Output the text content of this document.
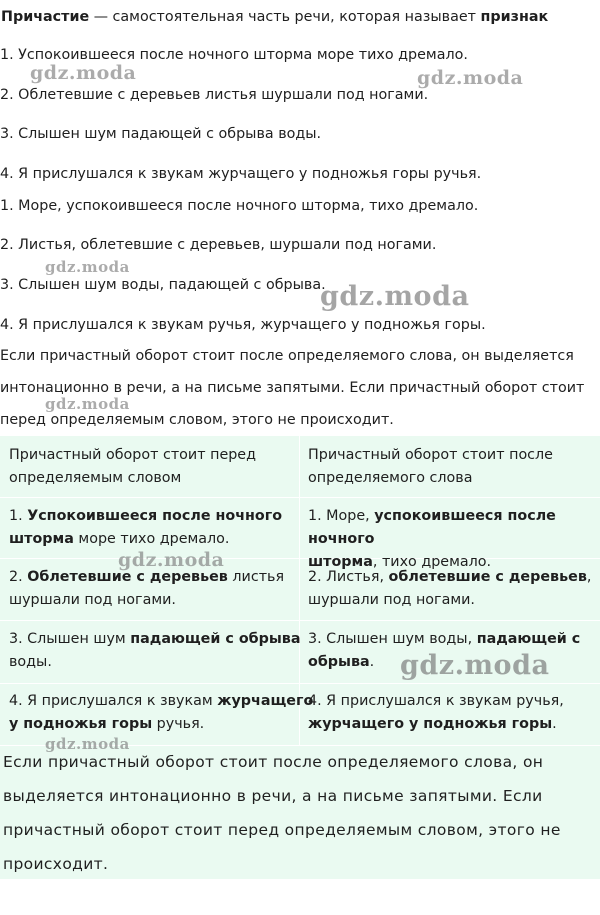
Причастие — самостоятельная часть речи, которая называет признак
1. Успокоившееся после ночного шторма море тихо дремало.
2. Облетевшие с деревьев листья шуршали под ногами.
3. Слышен шум падающей с обрыва воды.
4. Я прислушался к звукам журчащего у подножья горы ручья.
1. Море, успокоившееся после ночного шторма, тихо дремало.
2. Листья, облетевшие с деревьев, шуршали под ногами.
3. Слышен шум воды, падающей с обрыва.
4. Я прислушался к звукам ручья, журчащего у подножья горы.
Если причастный оборот стоит после определяемого слова, он выделяется
интонационно в речи, а на письме запятыми. Если причастный оборот стоит
перед определяемым словом, этого не происходит.
Причастный оборот стоит перед
определяемым словом
Причастный оборот стоит после
определяемого слова
1. Успокоившееся после ночного
шторма море тихо дремало.
1. Море, успокоившееся после ночного
шторма, тихо дремало.
2. Облетевшие с деревьев листья
шуршали под ногами.
2. Листья, облетевшие с деревьев,
шуршали под ногами.
3. Слышен шум падающей с обрыва
воды.
3. Слышен шум воды, падающей с
обрыва.
4. Я прислушался к звукам журчащего
у подножья горы ручья.
4. Я прислушался к звукам ручья,
журчащего у подножья горы.
Если причастный оборот стоит после определяемого слова, он
выделяется интонационно в речи, а на письме запятыми. Если
причастный оборот стоит перед определяемым словом, этого не
происходит.
gdz.moda	gdz.moda
gdz.moda
gdz.moda
gdz.moda
gdz.moda
gdz.moda
gdz.moda
